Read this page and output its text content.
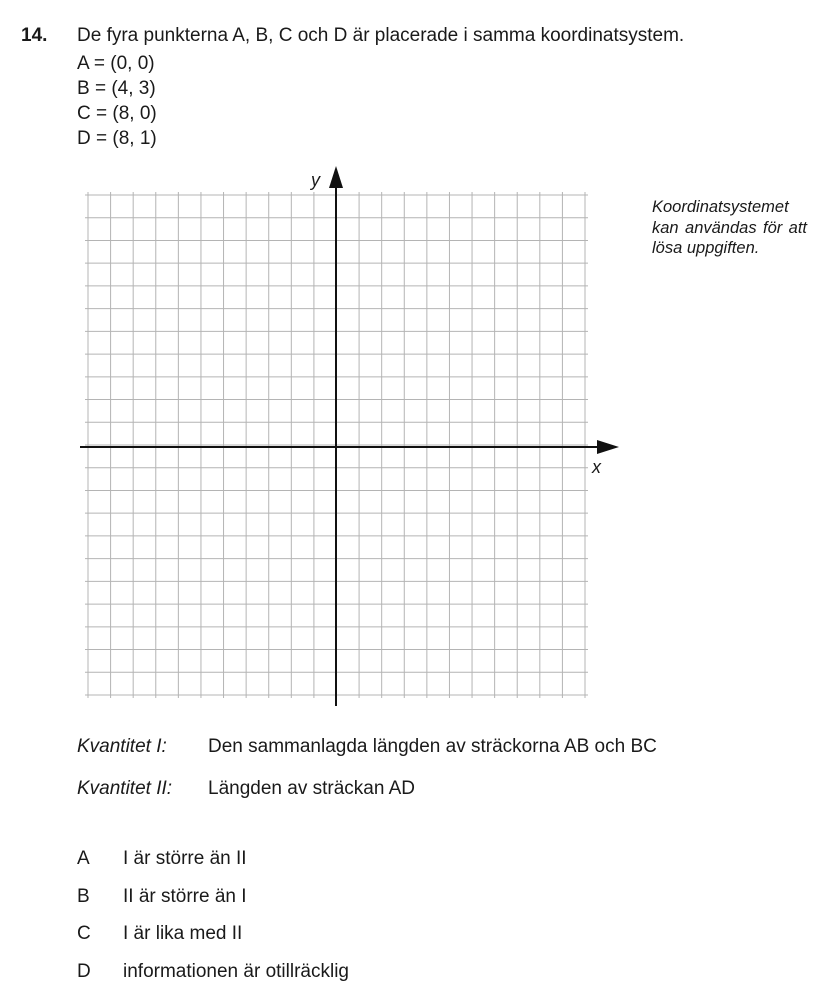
14. De fyra punkterna A, B, C och D är placerade i samma koordinatsystem.
A = (0, 0)
B = (4, 3)
C = (8, 0)
D = (8, 1)
x
y
Koordinatsystemet kan användas för att lösa uppgiften.
Kvantitet I: Den sammanlagda längden av sträckorna AB och BC
Kvantitet II: Längden av sträckan AD
A I är större än II
B II är större än I
C I är lika med II
D informationen är otillräcklig
